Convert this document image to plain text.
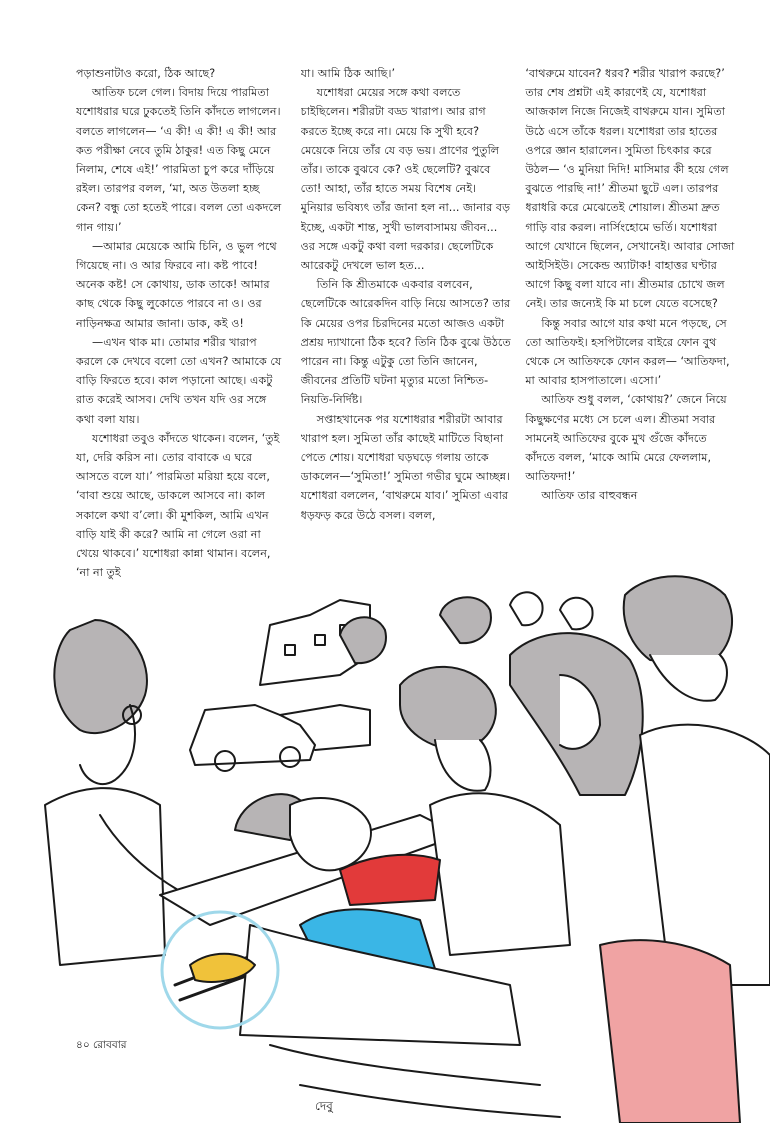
পড়াশুনাটাও করো, ঠিক আছে?

আতিফ চলে গেল। বিদায় দিয়ে পারমিতা যশোধরার ঘরে ঢুকতেই তিনি কাঁদতে লাগলেন। বলতে লাগলেন— ‘এ কী! এ কী! এ কী! আর কত পরীক্ষা নেবে তুমি ঠাকুর! এত কিছু মেনে নিলাম, শেষে এই!’ পারমিতা চুপ করে দাঁড়িয়ে রইল। তারপর বলল, ‘মা, অত উতলা হচ্ছ কেন? বন্ধু তো হতেই পারে। বলল তো একদলে গান গায়।’

—আমার মেয়েকে আমি চিনি, ও ভুল পথে গিয়েছে না। ও আর ফিরবে না। কষ্ট পাবে! অনেক কষ্ট! সে কোথায়, ডাক তাকে! আমার কাছ থেকে কিছু লুকোতে পারবে না ও। ওর নাড়িনক্ষত্র আমার জানা। ডাক, কই ও!

—এখন থাক মা। তোমার শরীর খারাপ করলে কে দেখবে বলো তো এখন? আমাকে যে বাড়ি ফিরতে হবে। কাল পড়ানো আছে। একটু রাত করেই আসব। দেখি তখন যদি ওর সঙ্গে কথা বলা যায়।

যশোধরা তবুও কাঁদতে থাকেন। বলেন, ‘তুই যা, দেরি করিস না। তোর বাবাকে এ ঘরে আসতে বলে যা।’ পারমিতা মরিয়া হয়ে বলে, ‘বাবা শুয়ে আছে, ডাকলে আসবে না। কাল সকালে কথা ব’লো। কী মুশকিল, আমি এখন বাড়ি যাই কী করে? আমি না গেলে ওরা না খেয়ে থাকবে।’ যশোধরা কান্না থামান। বলেন, ‘না না তুই

যা। আমি ঠিক আছি।’

যশোধরা মেয়ের সঙ্গে কথা বলতে চাইছিলেন। শরীরটা বড্ড খারাপ। আর রাগ করতে ইচ্ছে করে না। মেয়ে কি সুখী হবে? মেয়েকে নিয়ে তাঁর যে বড় ভয়। প্রাণের পুতুলি তাঁর। তাকে বুঝবে কে? ওই ছেলেটি? বুঝবে তো! আহা, তাঁর হাতে সময় বিশেষ নেই। মুনিয়ার ভবিষ্যৎ তাঁর জানা হল না... জানার বড় ইচ্ছে, একটা শান্ত, সুখী ভালবাসাময় জীবন... ওর সঙ্গে একটু কথা বলা দরকার। ছেলেটিকে আরেকটু দেখলে ভাল হত...

তিনি কি শ্রীতমাকে একবার বলবেন, ছেলেটিকে আরেকদিন বাড়ি নিয়ে আসতে? তার কি মেয়ের ওপর চিরদিনের মতো আজও একটা প্রশ্রয় দ্যাখানো ঠিক হবে? তিনি ঠিক বুঝে উঠতে পারেন না। কিন্তু এটুকু তো তিনি জানেন, জীবনের প্রতিটি ঘটনা মৃত্যুর মতো নিশ্চিত-নিয়তি-নির্দিষ্ট।

সপ্তাহখানেক পর যশোধরার শরীরটা আবার খারাপ হল। সুমিতা তাঁর কাছেই মাটিতে বিছানা পেতে শোয়। যশোধরা ঘড়ঘড়ে গলায় তাকে ডাকলেন—‘সুমিতা!’ সুমিতা গভীর ঘুমে আচ্ছন্ন। যশোধরা বললেন, ‘বাথরুমে যাব।’ সুমিতা এবার ধড়ফড় করে উঠে বসল। বলল,

‘বাথরুমে যাবেন? ধরব? শরীর খারাপ করছে?’ তার শেষ প্রশ্নটা এই কারণেই যে, যশোধরা আজকাল নিজে নিজেই বাথরুমে যান। সুমিতা উঠে এসে তাঁকে ধরল। যশোধরা তার হাতের ওপরে জ্ঞান হারালেন। সুমিতা চিৎকার করে উঠল— ‘ও মুনিয়া দিদি! মাসিমার কী হয়ে গেল বুঝতে পারছি না!’ শ্রীতমা ছুটে এল। তারপর ধরাধরি করে মেঝেতেই শোয়াল। শ্রীতমা দ্রুত গাড়ি বার করল। নার্সিংহোমে ভর্তি। যশোধরা আগে যেখানে ছিলেন, সেখানেই। আবার সোজা আইসিইউ। সেকেন্ড অ্যাটাক! বাহাত্তর ঘণ্টার আগে কিছু বলা যাবে না। শ্রীতমার চোখে জল নেই। তার জন্যেই কি মা চলে যেতে বসেছে?

কিন্তু সবার আগে যার কথা মনে পড়ছে, সে তো আতিফই। হসপিটালের বাইরে ফোন বুথ থেকে সে আতিফকে ফোন করল— ‘আতিফদা, মা আবার হাসপাতালে। এসো।’

আতিফ শুধু বলল, ‘কোথায়?’ জেনে নিয়ে কিছুক্ষণের মধ্যে সে চলে এল। শ্রীতমা সবার সামনেই আতিফের বুকে মুখ গুঁজে কাঁদতে কাঁদতে বলল, ‘মাকে আমি মেরে ফেললাম, আতিফদা!’

আতিফ তার বাহুবন্ধন

দেবু
৪০ রোববার
